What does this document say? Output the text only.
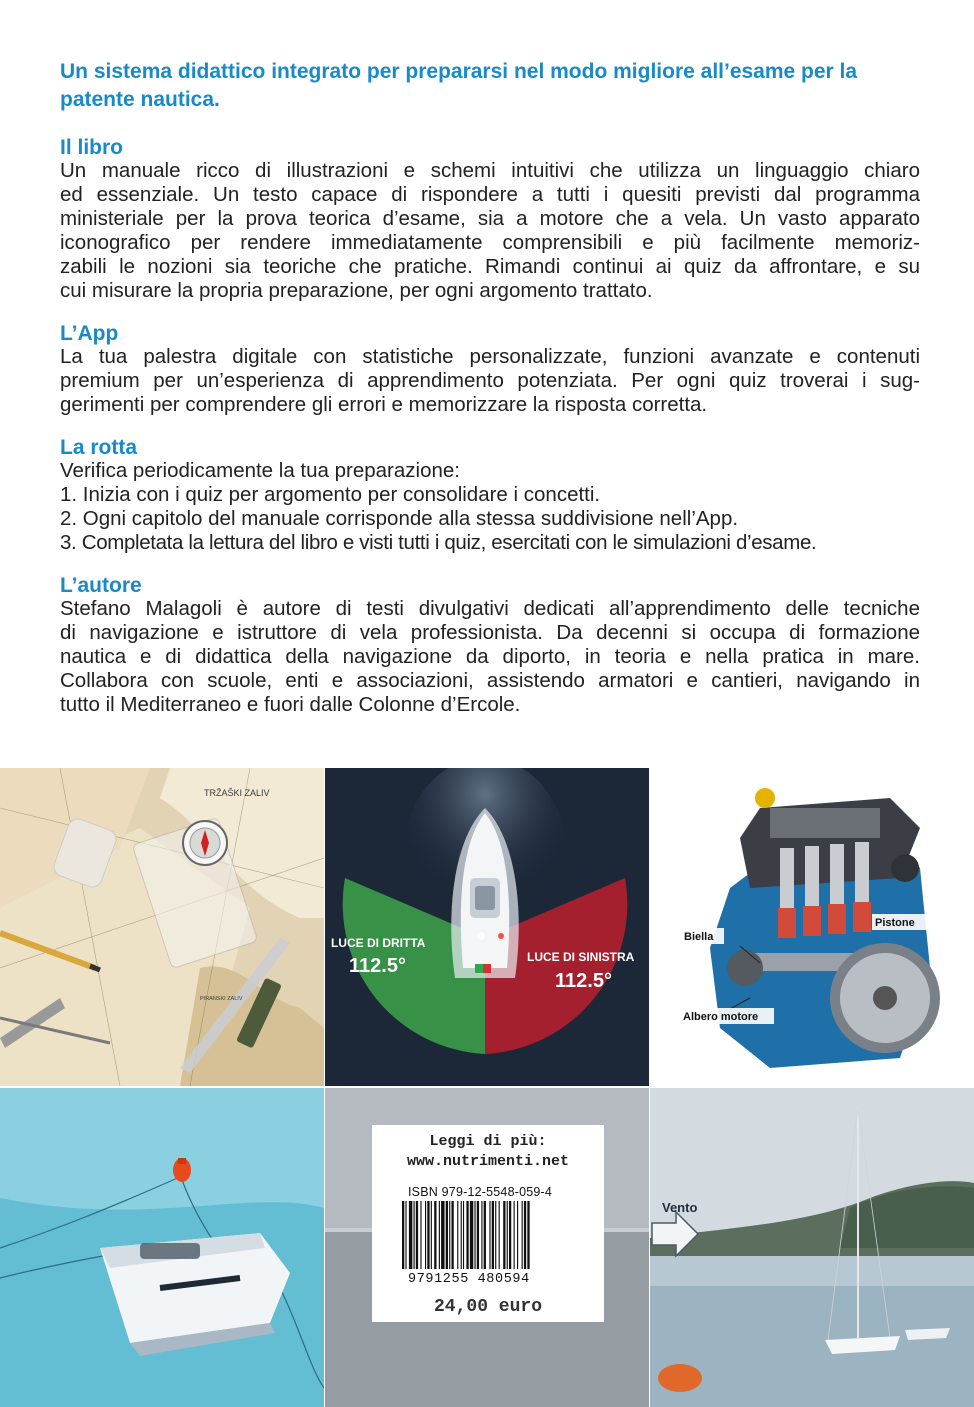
Un sistema didattico integrato per prepararsi nel modo migliore all’esame per la
patente nautica.
Il libro
Un manuale ricco di illustrazioni e schemi intuitivi che utilizza un linguaggio chiaro
ed essenziale. Un testo capace di rispondere a tutti i quesiti previsti dal programma
ministeriale per la prova teorica d’esame, sia a motore che a vela. Un vasto apparato
iconografico per rendere immediatamente comprensibili e più facilmente memoriz-
zabili le nozioni sia teoriche che pratiche. Rimandi continui ai quiz da affrontare, e su
cui misurare la propria preparazione, per ogni argomento trattato.
L’App
La tua palestra digitale con statistiche personalizzate, funzioni avanzate e contenuti
premium per un’esperienza di apprendimento potenziata. Per ogni quiz troverai i sug-
gerimenti per comprendere gli errori e memorizzare la risposta corretta.
La rotta
Verifica periodicamente la tua preparazione:
1. Inizia con i quiz per argomento per consolidare i concetti.
2. Ogni capitolo del manuale corrisponde alla stessa suddivisione nell’App.
3. Completata la lettura del libro e visti tutti i quiz, esercitati con le simulazioni d’esame.
L’autore
Stefano Malagoli è autore di testi divulgativi dedicati all’apprendimento delle tecniche
di navigazione e istruttore di vela professionista. Da decenni si occupa di formazione
nautica e di didattica della navigazione da diporto, in teoria e nella pratica in mare.
Collabora con scuole, enti e associazioni, assistendo armatori e cantieri, navigando in
tutto il Mediterraneo e fuori dalle Colonne d’Ercole.
TRŽAŠKI ZALIV
PIRANSKI ZALIV
LUCE DI DRITTA
112.5°	LUCE DI SINISTRA
112.5°
Biella
Pistone
Albero motore
Vento
Leggi di più:
www.nutrimenti.net
ISBN 979-12-5548-059-4
9791255 480594
24,00 euro
